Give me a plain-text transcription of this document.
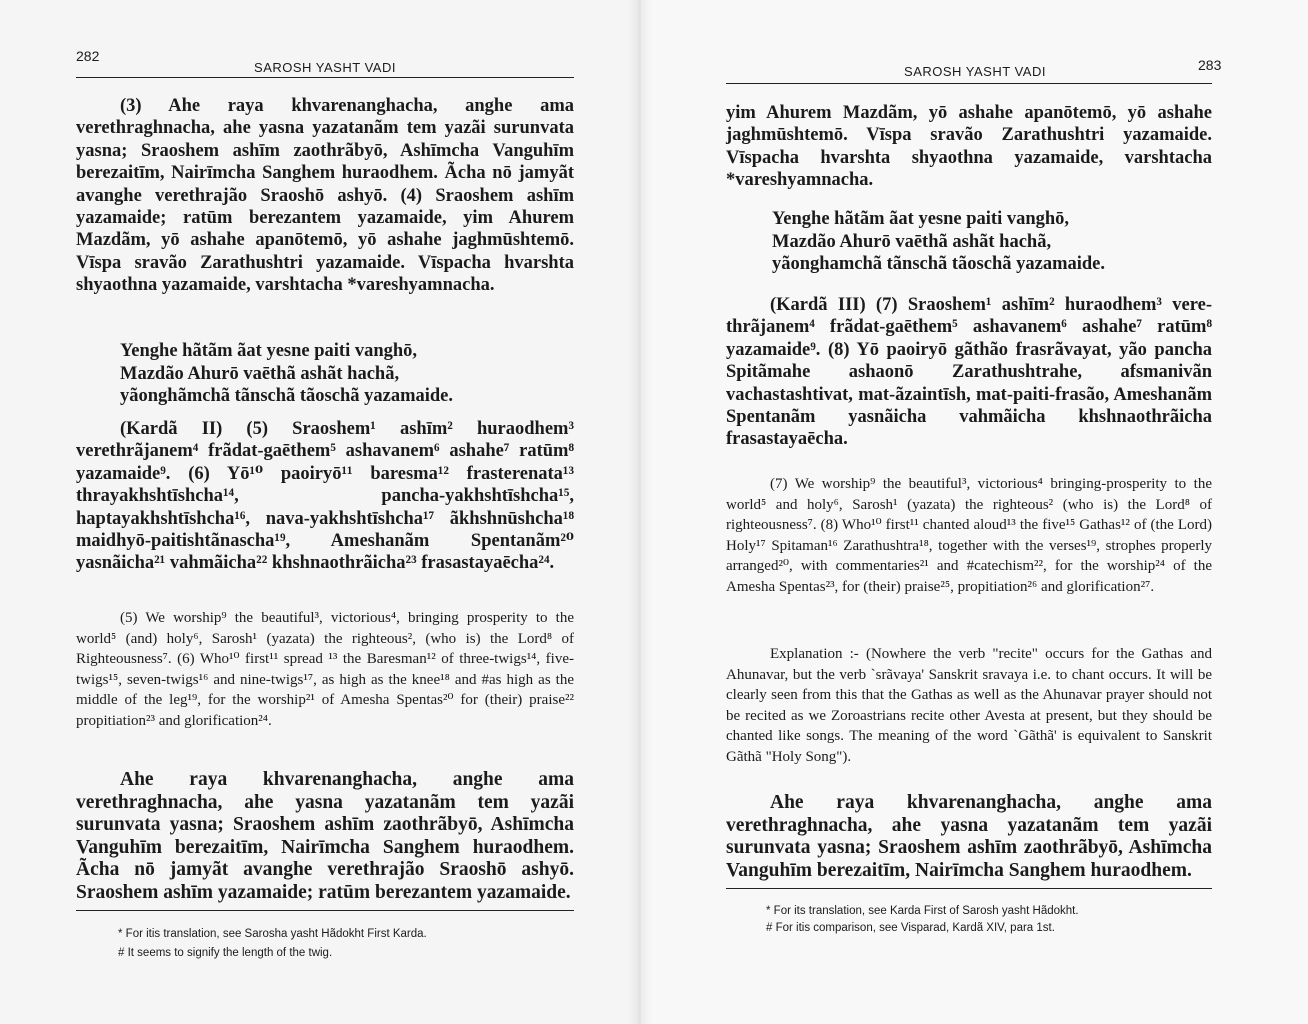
282
SAROSH YASHT VADI

(3) Ahe raya khvarenanghacha, anghe ama verethraghnacha, ahe yasna yazatanãm tem yazãi surunvata yasna; Sraoshem ashīm zaothrãbyō, Ashīmcha Vanguhīm berezaitīm, Nairīmcha Sanghem huraodhem. Ãcha nō jamyãt avanghe verethrajão Sraoshō ashyō. (4) Sraoshem ashīm yazamaide; ratūm berezantem yazamaide, yim Ahurem Mazdãm, yō ashahe apanōtemō, yō ashahe jaghmūshtemō. Vīspa sravão Zarathushtri yazamaide. Vīspacha hvarshta shyaothna yazamaide, varshtacha *vareshyamnacha.

Yenghe hãtãm ãat yesne paiti vanghō,

Mazdão Ahurō vaēthã ashãt hachã,

yãonghãmchã tãnschã tãoschã yazamaide.

(Kardã II) (5) Sraoshem¹ ashīm² huraodhem³ verethrãjanem⁴ frãdat-gaēthem⁵ ashavanem⁶ ashahe⁷ ratūm⁸ yazamaide⁹. (6) Yō¹⁰ paoiryō¹¹ baresma¹² frasterenata¹³ thrayakhshtīshcha¹⁴, pancha-yakhshtīshcha¹⁵, haptayakhshtīshcha¹⁶, nava-yakhshtīshcha¹⁷ ãkhshnūshcha¹⁸ maidhyō-paitishtãnascha¹⁹, Ameshanãm Spentanãm²⁰ yasnãicha²¹ vahmãicha²² khshnaothrãicha²³ frasastayaēcha²⁴.

(5) We worship⁹ the beautiful³, victorious⁴, bringing prosperity to the world⁵ (and) holy⁶, Sarosh¹ (yazata) the righteous², (who is) the Lord⁸ of Righteousness⁷. (6) Who¹⁰ first¹¹ spread ¹³ the Baresman¹² of three-twigs¹⁴, five-twigs¹⁵, seven-twigs¹⁶ and nine-twigs¹⁷, as high as the knee¹⁸ and #as high as the middle of the leg¹⁹, for the worship²¹ of Amesha Spentas²⁰ for (their) praise²² propitiation²³ and glorification²⁴.

Ahe raya khvarenanghacha, anghe ama verethraghnacha, ahe yasna yazatanãm tem yazãi surunvata yasna; Sraoshem ashīm zaothrãbyō, Ashīmcha Vanguhīm berezaitīm, Nairīmcha Sanghem huraodhem. Ãcha nō jamyãt avanghe verethrajão Sraoshō ashyō. Sraoshem ashīm yazamaide; ratūm berezantem yazamaide.

* For itis translation, see Sarosha yasht Hãdokht First Karda.
# It seems to signify the length of the twig.
SAROSH YASHT VADI	283

yim Ahurem Mazdãm, yō ashahe apanōtemō, yō ashahe jaghmūshtemō. Vīspa sravão Zarathushtri yazamaide. Vīspacha hvarshta shyaothna yazamaide, varshtacha *vareshyamnacha.

Yenghe hãtãm ãat yesne paiti vanghō,

Mazdão Ahurō vaēthã ashãt hachã,

yãonghamchã tãnschã tãoschã yazamaide.

(Kardã III) (7) Sraoshem¹ ashīm² huraodhem³ vere-thrãjanem⁴ frãdat-gaēthem⁵ ashavanem⁶ ashahe⁷ ratūm⁸ yazamaide⁹. (8) Yō paoiryō gãthão frasrãvayat, yão pancha Spitãmahe ashaonō Zarathushtrahe, afsmanivãn vachastashtivat, mat-ãzaintīsh, mat-paiti-frasão, Ameshanãm Spentanãm yasnãicha vahmãicha khshnaothrãicha frasastayaēcha.

(7) We worship⁹ the beautiful³, victorious⁴ bringing-prosperity to the world⁵ and holy⁶, Sarosh¹ (yazata) the righteous² (who is) the Lord⁸ of righteousness⁷. (8) Who¹⁰ first¹¹ chanted aloud¹³ the five¹⁵ Gathas¹² of (the Lord) Holy¹⁷ Spitaman¹⁶ Zarathushtra¹⁸, together with the verses¹⁹, strophes properly arranged²⁰, with commentaries²¹ and #catechism²², for the worship²⁴ of the Amesha Spentas²³, for (their) praise²⁵, propitiation²⁶ and glorification²⁷.

Explanation :- (Nowhere the verb "recite" occurs for the Gathas and Ahunavar, but the verb `srãvaya' Sanskrit sravaya i.e. to chant occurs. It will be clearly seen from this that the Gathas as well as the Ahunavar prayer should not be recited as we Zoroastrians recite other Avesta at present, but they should be chanted like songs. The meaning of the word `Gãthã' is equivalent to Sanskrit Gãthã "Holy Song").

Ahe raya khvarenanghacha, anghe ama verethraghnacha, ahe yasna yazatanãm tem yazãi surunvata yasna; Sraoshem ashīm zaothrãbyō, Ashīmcha Vanguhīm berezaitīm, Nairīmcha Sanghem huraodhem.

* For its translation, see Karda First of Sarosh yasht Hãdokht.
# For itis comparison, see Visparad, Kardã XIV, para 1st.
